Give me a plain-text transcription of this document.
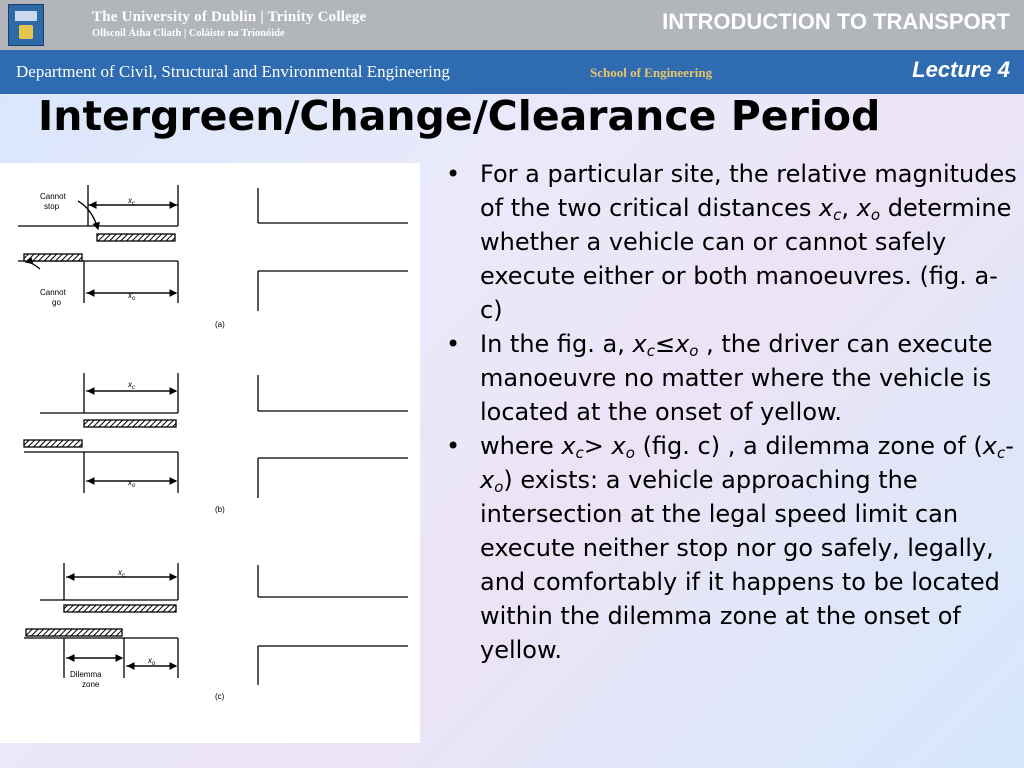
The University of Dublin | Trinity College
Ollscoil Átha Cliath | Coláiste na Tríonóide	INTRODUCTION TO TRANSPORT
Department of Civil, Structural and Environmental Engineering	School of Engineering	Lecture 4
Intergreen/Change/Clearance Period
Cannot
stop
Cannot
go
$x_c$
$x_o$
(a)
$x_c$
$x_o$
(b)
$x_c$
$x_o$
Dilemma
zone
(c)
• For a particular site, the relative magnitudes of the two critical distances $x_c$, $x_o$ determine whether a vehicle can or cannot safely execute either or both manoeuvres. (fig. a-c)
• In the fig. a, $x_c\le x_o$ , the driver can execute manoeuvre no matter where the vehicle is located at the onset of yellow.
• where $x_c> x_o$ (fig. c) , a dilemma zone of ($x_c-$ $x_o$) exists: a vehicle approaching the intersection at the legal speed limit can execute neither stop nor go safely, legally, and comfortably if it happens to be located within the dilemma zone at the onset of yellow.
